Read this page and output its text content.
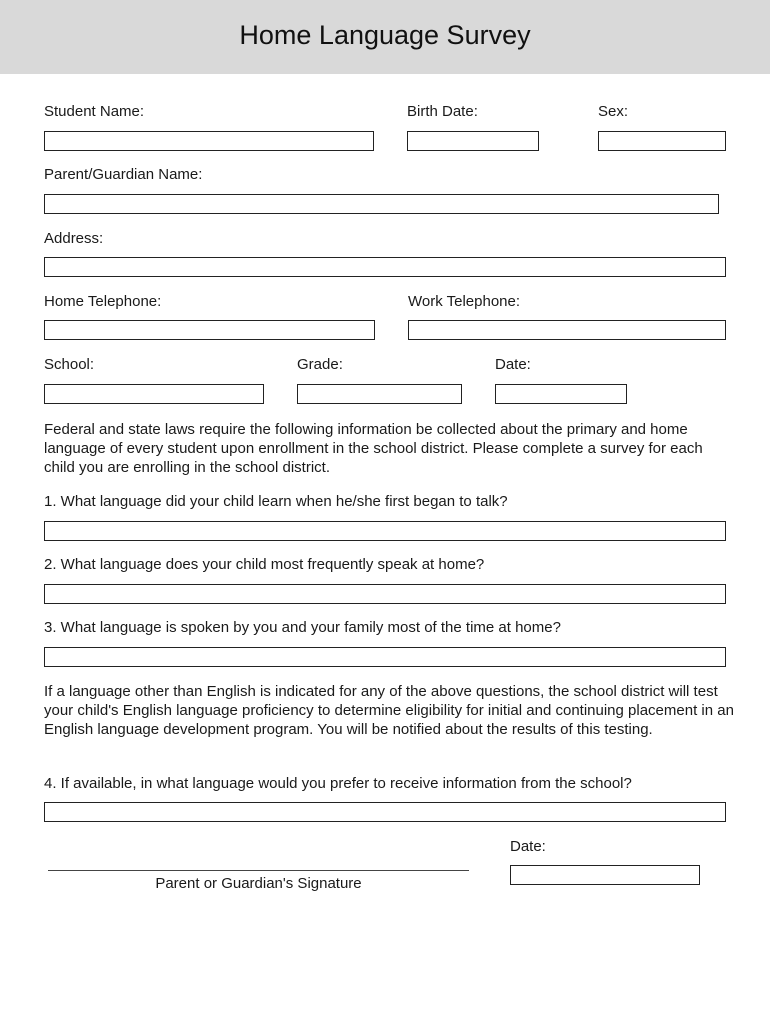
Home Language Survey
Student Name:	Birth Date:	Sex:
Parent/Guardian Name:
Address:
Home Telephone:	Work Telephone:
School:	Grade:	Date:
Federal and state laws require the following information be collected about the primary and home language of every student upon enrollment in the school district. Please complete a survey for each child you are enrolling in the school district.
1. What language did your child learn when he/she first began to talk?
2. What language does your child most frequently speak at home?
3. What language is spoken by you and your family most of the time at home?
If a language other than English is indicated for any of the above questions, the school district will test your child's English language proficiency to determine eligibility for initial and continuing placement in an English language development program. You will be notified about the results of this testing.
4. If available, in what language would you prefer to receive information from the school?
Date:
Parent or Guardian's Signature
